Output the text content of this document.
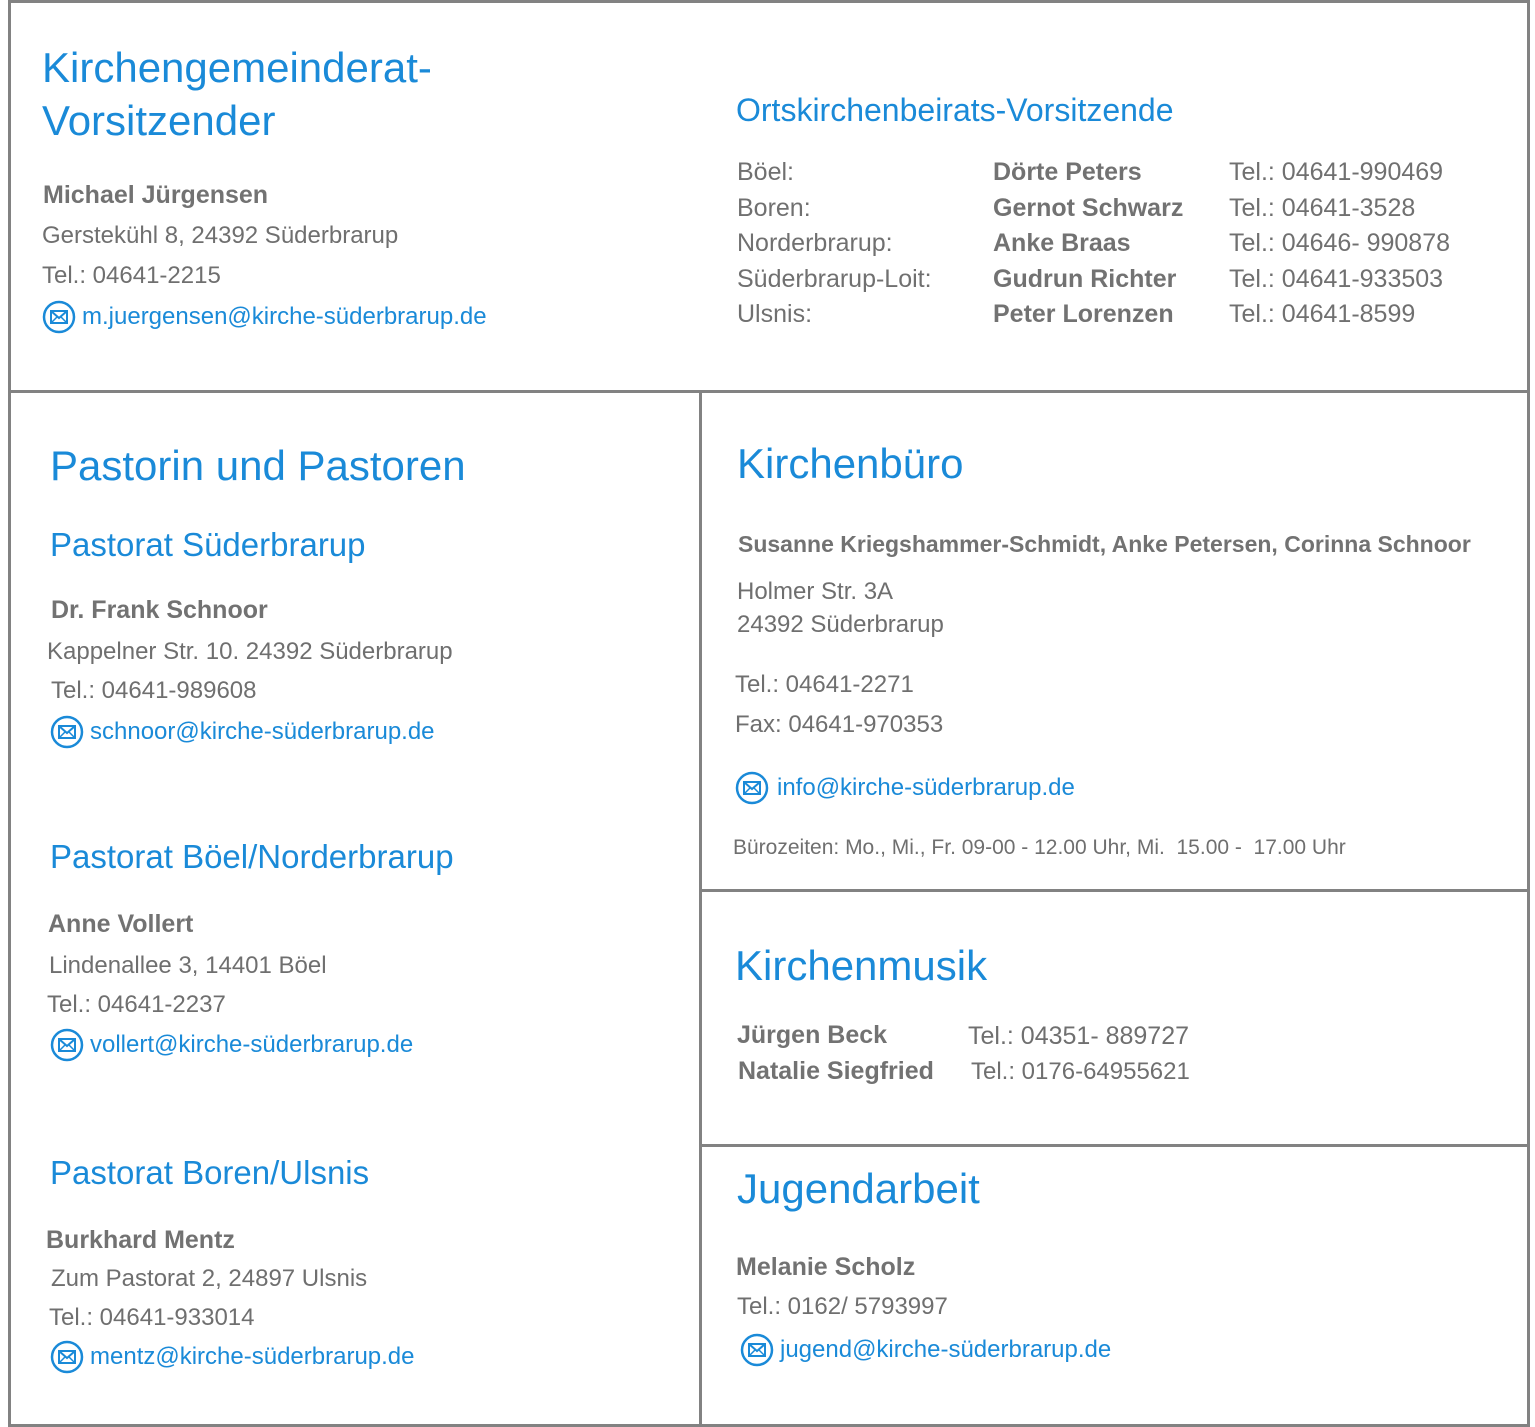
Kirchengemeinderat-
Vorsitzender
Michael Jürgensen
Gerstekühl 8, 24392 Süderbrarup
Tel.: 04641-2215
m.juergensen@kirche-süderbrarup.de
Ortskirchenbeirats-Vorsitzende
Böel:	Dörte Peters	Tel.: 04641-990469
Boren:	Gernot Schwarz	Tel.: 04641-3528
Norderbrarup:	Anke Braas	Tel.: 04646- 990878
Süderbrarup-Loit:	Gudrun Richter	Tel.: 04641-933503
Ulsnis:	Peter Lorenzen	Tel.: 04641-8599
Pastorin und Pastoren
Pastorat Süderbrarup
Dr. Frank Schnoor
Kappelner Str. 10. 24392 Süderbrarup
Tel.: 04641-989608
schnoor@kirche-süderbrarup.de
Pastorat Böel/Norderbrarup
Anne Vollert
Lindenallee 3, 14401 Böel
Tel.: 04641-2237
vollert@kirche-süderbrarup.de
Pastorat Boren/Ulsnis
Burkhard Mentz
Zum Pastorat 2, 24897 Ulsnis
Tel.: 04641-933014
mentz@kirche-süderbrarup.de
Kirchenbüro
Susanne Kriegshammer-Schmidt, Anke Petersen, Corinna Schnoor
Holmer Str. 3A
24392 Süderbrarup
Tel.: 04641-2271
Fax: 04641-970353
info@kirche-süderbrarup.de
Bürozeiten: Mo., Mi., Fr. 09-00 - 12.00 Uhr, Mi.  15.00 -  17.00 Uhr
Kirchenmusik
Jürgen Beck	Tel.: 04351- 889727
Natalie Siegfried Tel.: 0176-64955621
Jugendarbeit
Melanie Scholz
Tel.: 0162/ 5793997
jugend@kirche-süderbrarup.de
